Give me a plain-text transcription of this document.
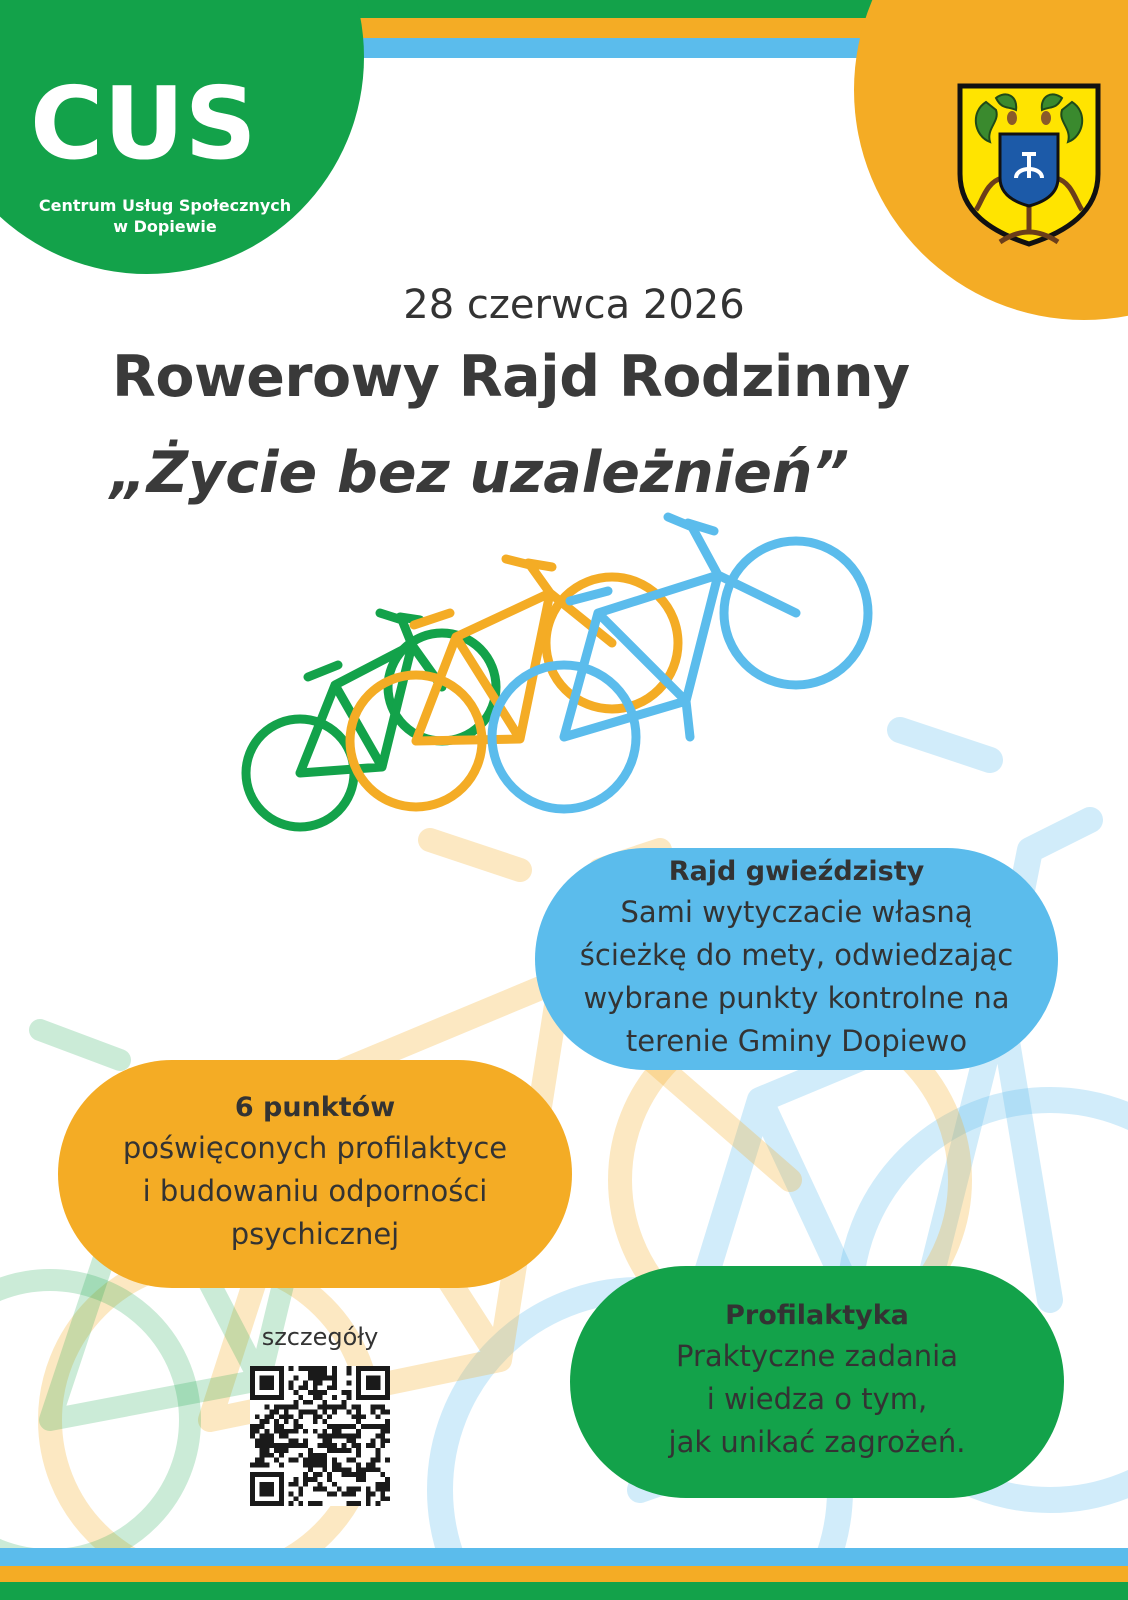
CUS
Centrum Usług Społecznych
w Dopiewie
28 czerwca 2026
Rowerowy Rajd Rodzinny
„Życie bez uzależnień”
Rajd gwieździsty
Sami wytyczacie własną
ścieżkę do mety, odwiedzając
wybrane punkty kontrolne na
terenie Gminy Dopiewo
6 punktów
poświęconych profilaktyce
i budowaniu odporności
psychicznej
Profilaktyka
Praktyczne zadania
i wiedza o tym,
jak unikać zagrożeń.
szczegóły
